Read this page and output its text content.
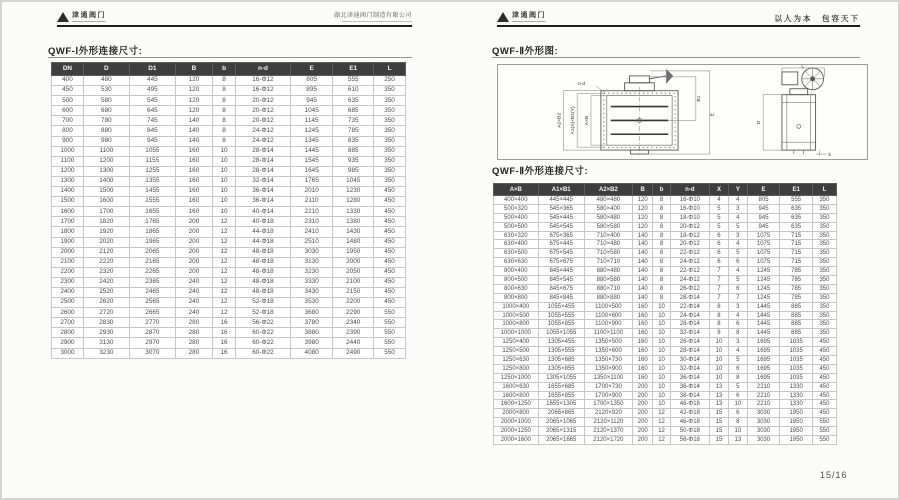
津通阀门	湖北津通阀门制造有限公司
QWF-Ⅰ外形连接尺寸:
DN	D	D1	B	b	n-d	E	E1	L
400	480	445	120	8	16-Φ12	805	555	250
450	530	495	120	8	16-Φ12	895	610	350
500	580	545	120	8	20-Φ12	945	635	350
600	680	645	120	8	20-Φ12	1045	685	350
700	780	745	140	8	20-Φ12	1145	735	350
800	880	845	140	8	24-Φ12	1245	785	350
900	980	945	140	8	24-Φ12	1345	835	350
1000	1100	1055	160	10	28-Φ14	1445	885	350
1100	1200	1155	160	10	28-Φ14	1545	935	350
1200	1300	1255	160	10	28-Φ14	1645	985	350
1300	1400	1355	160	10	32-Φ14	1765	1045	350
1400	1500	1455	160	10	36-Φ14	2010	1230	450
1500	1600	1555	160	10	36-Φ14	2110	1280	450
1600	1700	1655	160	10	40-Φ14	2210	1330	450
1700	1820	1765	200	12	40-Φ18	2310	1380	450
1800	1920	1865	200	12	44-Φ18	2410	1430	450
1900	2020	1965	200	12	44-Φ18	2510	1480	450
2000	2120	2065	200	12	48-Φ18	3030	1950	450
2100	2220	2165	200	12	48-Φ18	3130	2000	450
2200	2320	2265	200	12	48-Φ18	3230	2050	450
2300	2420	2365	240	12	48-Φ18	3330	2100	450
2400	2520	2465	240	12	48-Φ18	3430	2150	450
2500	2620	2565	240	12	52-Φ18	3530	2200	450
2600	2720	2665	240	12	52-Φ18	3680	2290	550
2700	2830	2770	280	16	56-Φ22	3780	2340	550
2800	2930	2870	280	16	60-Φ22	3880	2390	550
2900	3130	2970	280	16	60-Φ22	3980	2440	550
3000	3230	3070	280	16	60-Φ22	4080	2490	550
津通阀门	以人为本　包容天下
QWF-Ⅱ外形图:
n-d
A2×B2 A1(X)×B1(Y) A×B
B1
E
L
D
b
QWF-Ⅱ外形连接尺寸:
A×B	A1×B1	A2×B2	B	b	n-d	X	Y	E	E1	L
400×400	445×445	480×480	120	8	16-Φ10	4	4	805	555	350
500×320	545×365	580×400	120	8	16-Φ10	5	3	945	635	350
500×400	545×445	580×480	120	8	18-Φ10	5	4	945	635	350
500×500	545×545	580×580	120	8	20-Φ12	5	5	945	635	350
630×320	675×365	710×400	140	8	18-Φ12	6	3	1075	715	350
630×400	675×445	710×480	140	8	20-Φ12	6	4	1075	715	350
630×500	675×545	710×580	140	8	22-Φ12	6	5	1075	715	350
630×630	675×675	710×710	140	8	24-Φ12	6	6	1075	715	350
800×400	845×445	880×480	140	8	22-Φ12	7	4	1245	785	350
800×500	845×545	880×580	140	8	24-Φ12	7	5	1245	785	350
800×630	845×675	880×710	140	8	26-Φ12	7	6	1245	785	350
800×800	845×845	880×880	140	8	28-Φ14	7	7	1245	785	350
1000×400	1055×455	1100×500	160	10	22-Φ14	8	3	1445	885	350
1000×500	1055×555	1100×600	160	10	24-Φ14	8	4	1445	885	350
1000×800	1055×855	1100×900	160	10	28-Φ14	8	6	1445	885	350
1000×1000	1055×1055	1100×1100	160	10	32-Φ14	8	8	1445	885	350
1250×400	1305×455	1350×500	160	10	26-Φ14	10	3	1695	1035	450
1250×500	1305×555	1350×600	160	10	28-Φ14	10	4	1695	1035	450
1250×630	1305×685	1350×730	160	10	30-Φ14	10	5	1695	1035	450
1250×800	1305×855	1350×900	160	10	32-Φ14	10	6	1695	1035	450
1250×1000	1305×1055	1350×1100	160	10	36-Φ14	10	8	1695	1035	450
1600×630	1655×685	1700×730	200	10	36-Φ14	13	5	2210	1330	450
1600×800	1655×855	1700×900	200	10	38-Φ14	13	6	2210	1330	450
1600×1250	1655×1305	1700×1350	200	10	46-Φ18	13	10	2210	1330	450
2000×800	2065×865	2120×920	200	12	42-Φ18	15	6	3030	1950	450
2000×1000	2065×1065	2120×1120	200	12	46-Φ18	15	8	3030	1950	550
2000×1250	2065×1315	2120×1370	200	12	50-Φ18	15	10	3030	1950	550
2000×1600	2065×1665	2120×1720	200	12	56-Φ18	15	13	3030	1950	550
15/16
